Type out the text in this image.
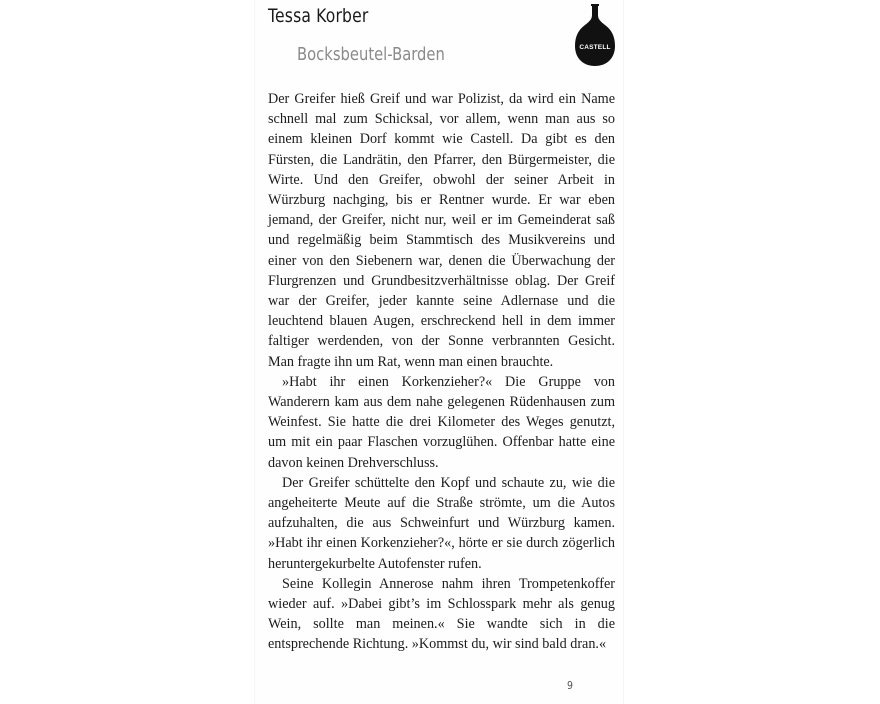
Tessa Korber
Bocksbeutel-Barden	CASTELL

Der Greifer hieß Greif und war Polizist, da wird ein Name schnell mal zum Schicksal, vor allem, wenn man aus so einem kleinen Dorf kommt wie Castell. Da gibt es den Fürsten, die Landrätin, den Pfarrer, den Bürgermeister, die Wirte. Und den Greifer, obwohl der seiner Arbeit in Würzburg nachging, bis er Rentner wurde. Er war eben jemand, der Greifer, nicht nur, weil er im Gemeinderat saß und regelmäßig beim Stammtisch des Musikvereins und einer von den Siebenern war, denen die Überwachung der Flurgrenzen und Grundbesitzverhältnisse oblag. Der Greif war der Greifer, jeder kannte seine Adlernase und die leuchtend blauen Augen, erschreckend hell in dem immer faltiger werdenden, von der Sonne verbrannten Gesicht. Man fragte ihn um Rat, wenn man einen brauchte.

»Habt ihr einen Korkenzieher?« Die Gruppe von Wanderern kam aus dem nahe gelegenen Rüdenhausen zum Weinfest. Sie hatte die drei Kilometer des Weges genutzt, um mit ein paar Flaschen vorzuglühen. Offenbar hatte eine davon keinen Drehverschluss.

Der Greifer schüttelte den Kopf und schaute zu, wie die angeheiterte Meute auf die Straße strömte, um die Autos aufzuhalten, die aus Schweinfurt und Würzburg kamen. »Habt ihr einen Korkenzieher?«, hörte er sie durch zögerlich heruntergekurbelte Autofenster rufen.

Seine Kollegin Annerose nahm ihren Trompetenkoffer wieder auf. »Dabei gibt’s im Schlosspark mehr als genug Wein, sollte man meinen.« Sie wandte sich in die entsprechende Richtung. »Kommst du, wir sind bald dran.«

9
